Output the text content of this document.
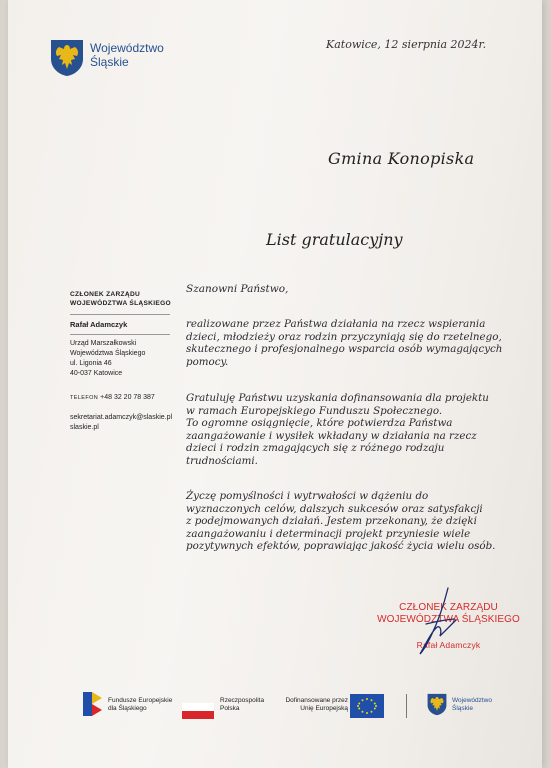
Województwo
Śląskie
Katowice, 12 sierpnia 2024r.
Gmina Konopiska
List gratulacyjny
CZŁONEK ZARZĄDU
WOJEWÓDZTWA ŚLĄSKIEGO
Rafał Adamczyk
Urząd Marszałkowski
Województwa Śląskiego
ul. Ligonia 46
40-037 Katowice
TELEFON +48 32 20 78 387
sekretariat.adamczyk@slaskie.pl
slaskie.pl
Szanowni Państwo,
realizowane przez Państwa działania na rzecz wspierania
dzieci, młodzieży oraz rodzin przyczyniają się do rzetelnego,
skutecznego i profesjonalnego wsparcia osób wymagających
pomocy.
Gratuluję Państwu uzyskania dofinansowania dla projektu
w ramach Europejskiego Funduszu Społecznego.
To ogromne osiągnięcie, które potwierdza Państwa
zaangażowanie i wysiłek wkładany w działania na rzecz
dzieci i rodzin zmagających się z różnego rodzaju
trudnościami.
Życzę pomyślności i wytrwałości w dążeniu do
wyznaczonych celów, dalszych sukcesów oraz satysfakcji
z podejmowanych działań. Jestem przekonany, że dzięki
zaangażowaniu i determinacji projekt przyniesie wiele
pozytywnych efektów, poprawiając jakość życia wielu osób.
CZŁONEK ZARZĄDU
WOJEWÓDZTWA ŚLĄSKIEGO
Rafał Adamczyk
Fundusze Europejskie
dla Śląskiego
Rzeczpospolita
Polska
Dofinansowane przez
Unię Europejską
Województwo
Śląskie
